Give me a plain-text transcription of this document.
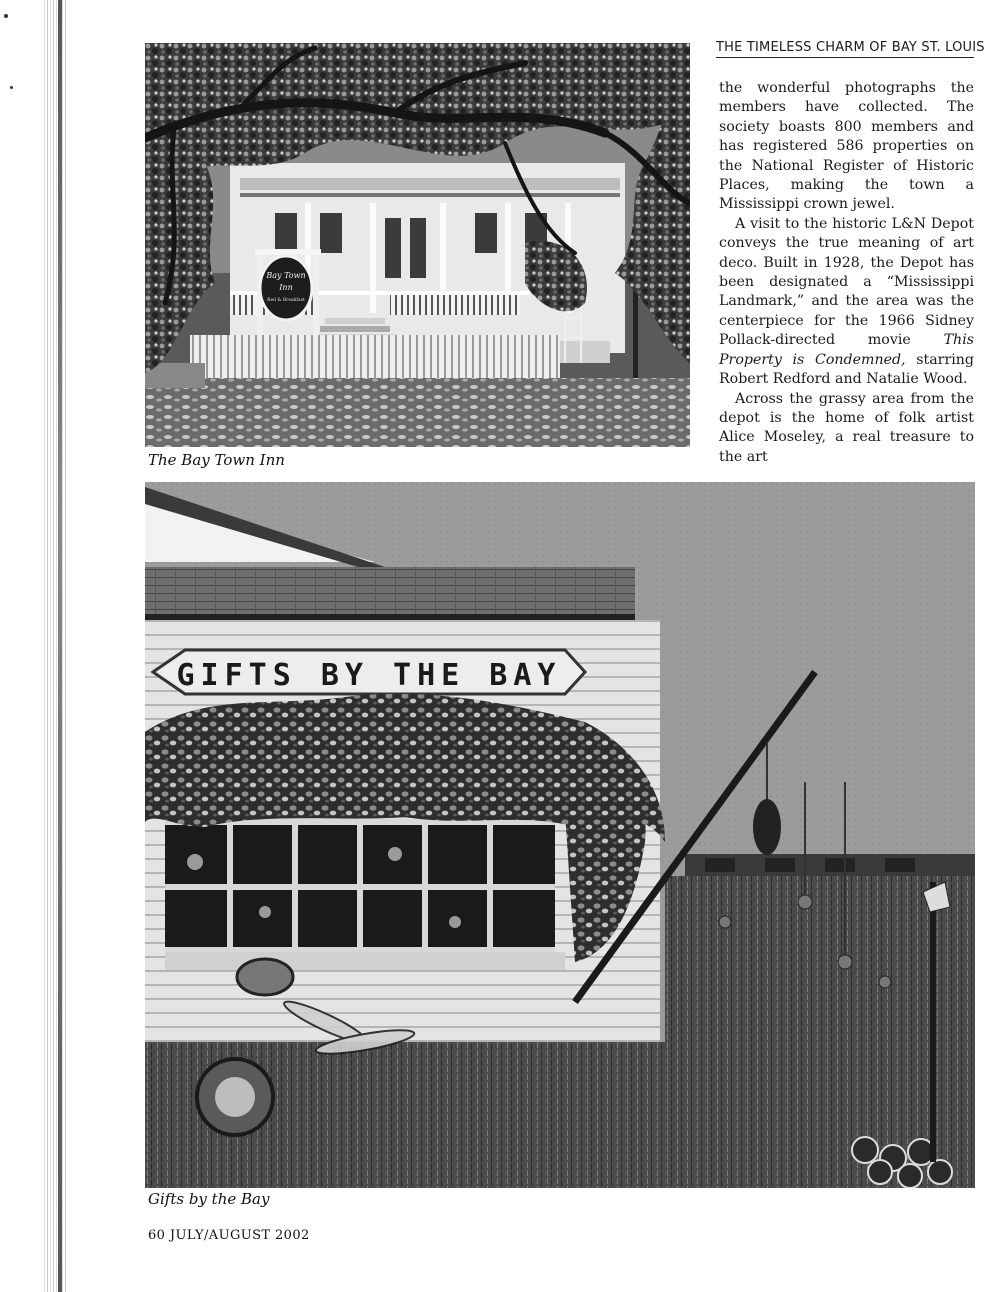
THE TIMELESS CHARM OF BAY ST. LOUIS
Bay Town
Inn
Bed & Breakfast
The Bay Town Inn

the wonderful photographs the members have collected. The society boasts 800 members and has registered 586 properties on the National Register of Historic Places, making the town a Mississippi crown jewel.

A visit to the historic L&N Depot conveys the true meaning of art deco. Built in 1928, the Depot has been designated a “Mississippi Landmark,” and the area was the centerpiece for the 1966 Sidney Pollack-directed movie This Property is Condemned, starring Robert Redford and Natalie Wood.

Across the grassy area from the depot is the home of folk artist Alice Moseley, a real treasure to the art

GIFTS BY THE BAY
Gifts by the Bay
60 JULY/AUGUST 2002
